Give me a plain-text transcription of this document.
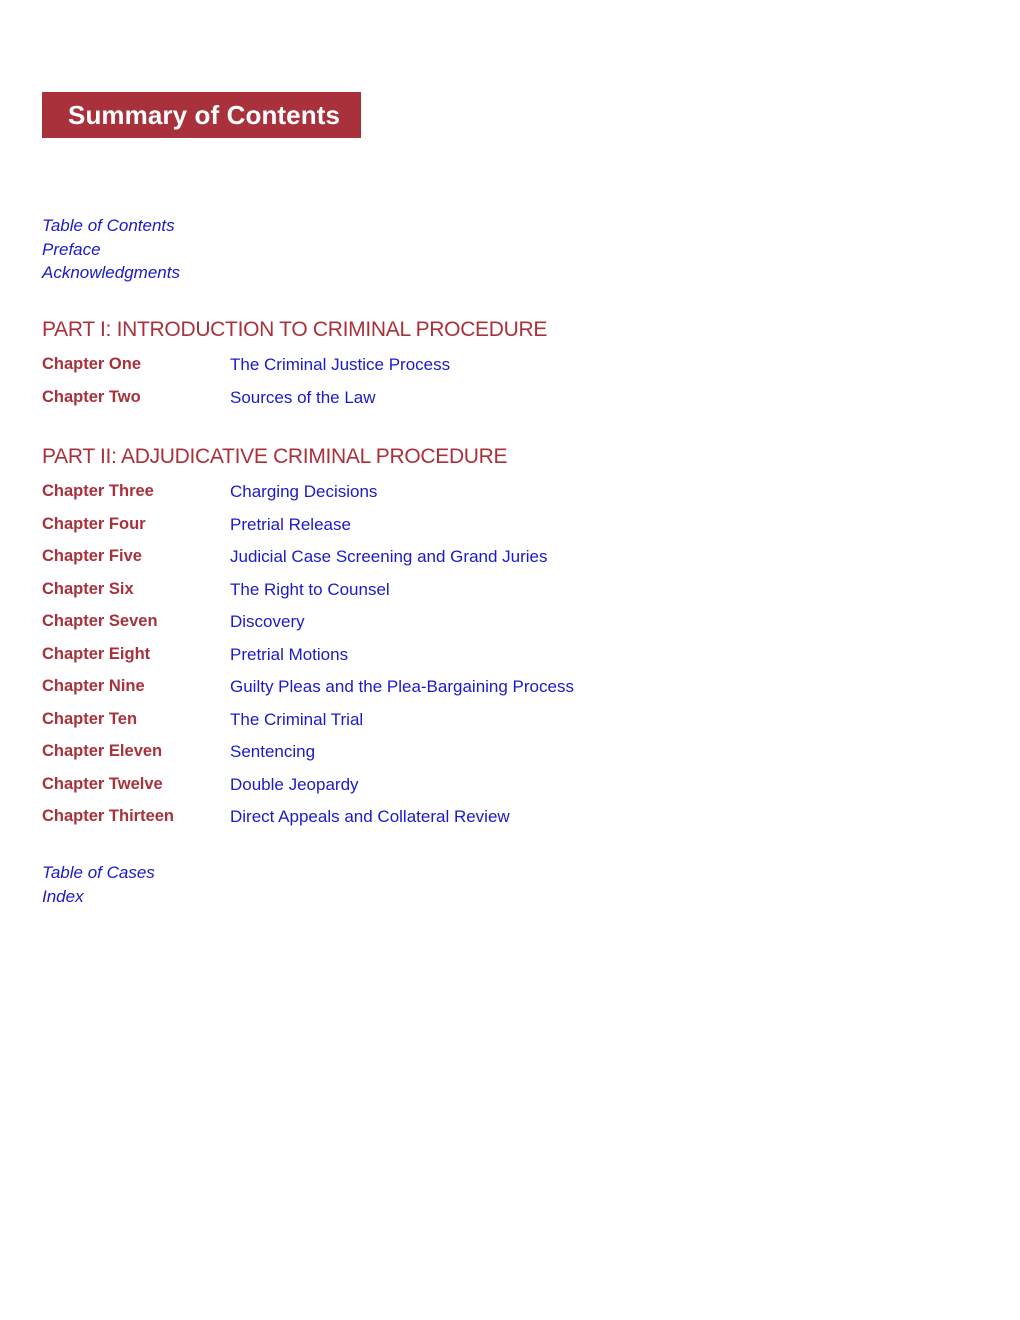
Summary of Contents
Table of Contents
Preface
Acknowledgments
PART I: INTRODUCTION TO CRIMINAL PROCEDURE
Chapter One	The Criminal Justice Process
Chapter Two	Sources of the Law
PART II: ADJUDICATIVE CRIMINAL PROCEDURE
Chapter Three	Charging Decisions
Chapter Four	Pretrial Release
Chapter Five	Judicial Case Screening and Grand Juries
Chapter Six	The Right to Counsel
Chapter Seven	Discovery
Chapter Eight	Pretrial Motions
Chapter Nine	Guilty Pleas and the Plea-Bargaining Process
Chapter Ten	The Criminal Trial
Chapter Eleven	Sentencing
Chapter Twelve	Double Jeopardy
Chapter Thirteen	Direct Appeals and Collateral Review
Table of Cases
Index
